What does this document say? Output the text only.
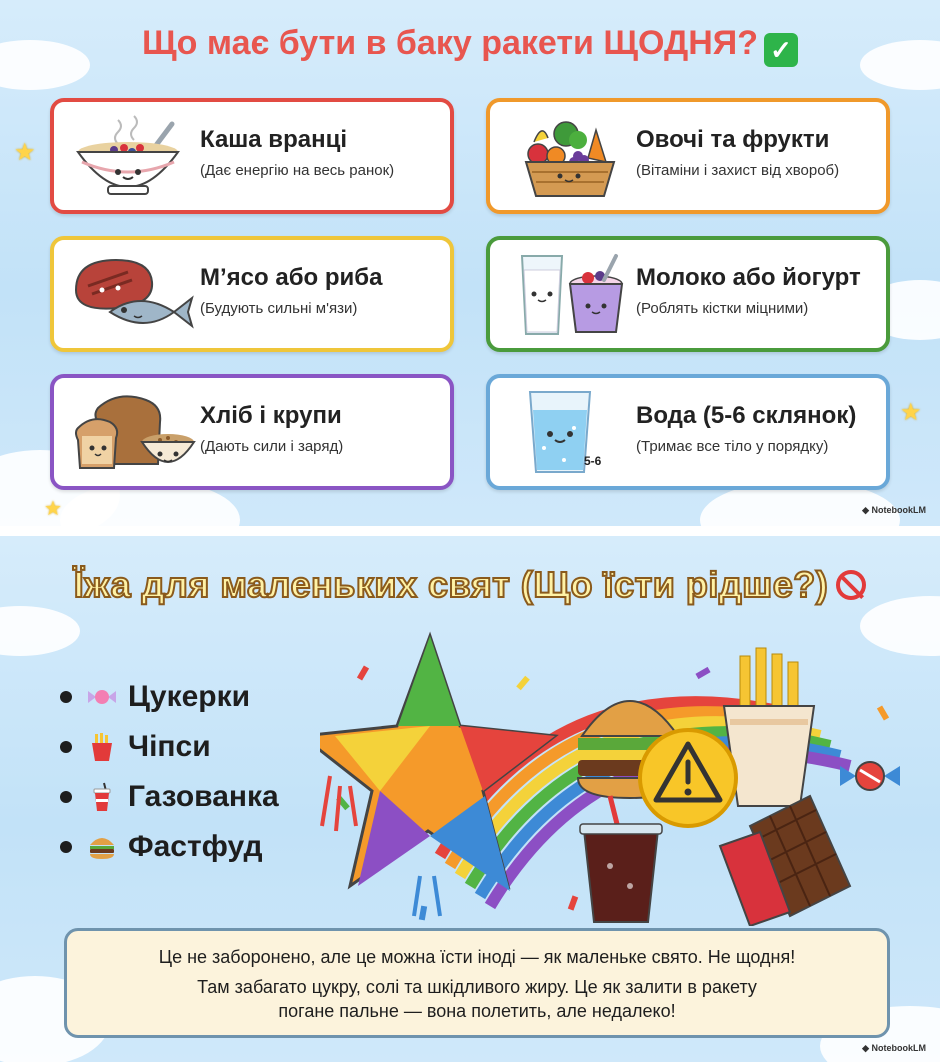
★
★
★
Що має бути в баку ракети ЩОДНЯ? ✓
Каша вранці
(Дає енергію на весь ранок)
Овочі та фрукти
(Вітаміни і захист від хвороб)
М’ясо або риба
(Будують сильні м'язи)
Молоко або йогурт
(Роблять кістки міцними)
Хліб і крупи
(Дають сили і заряд)
5-6
Вода (5-6 склянок)
(Тримає все тіло у порядку)
◆ NotebookLM
Їжа для маленьких свят (Що їсти рідше?)
Цукерки
Чіпси
Газованка
Фастфуд

Це не заборонено, але це можна їсти іноді — як маленьке свято. Не щодня!

Там забагато цукру, солі та шкідливого жиру. Це як залити в ракету

погане пальне — вона полетить, але недалеко!

◆ NotebookLM
